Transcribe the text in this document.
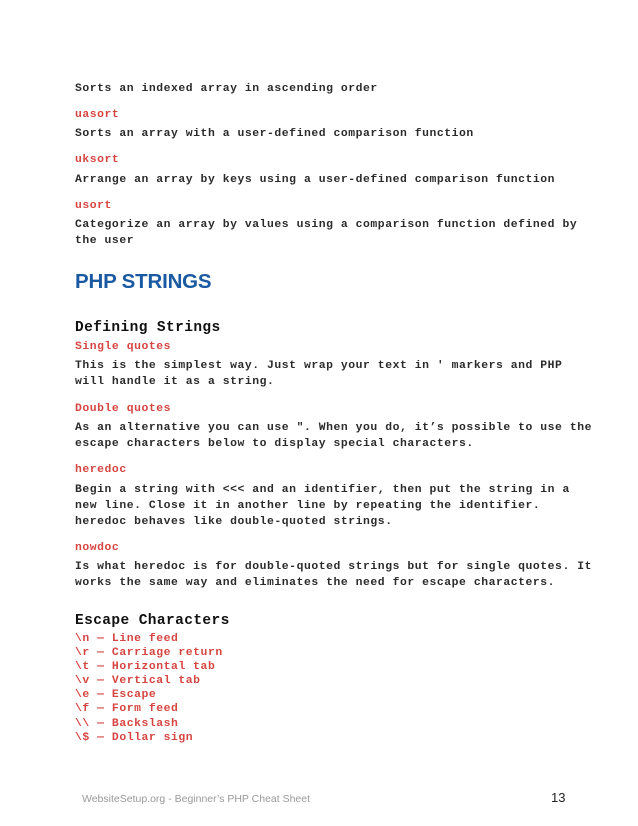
Sorts an indexed array in ascending order
uasort
Sorts an array with a user-defined comparison function
uksort
Arrange an array by keys using a user-defined comparison function
usort
Categorize an array by values using a comparison function defined by
the user
PHP STRINGS
Defining Strings
Single quotes
This is the simplest way. Just wrap your text in ' markers and PHP
will handle it as a string.
Double quotes
As an alternative you can use ". When you do, it’s possible to use the
escape characters below to display special characters.
heredoc
Begin a string with <<< and an identifier, then put the string in a
new line. Close it in another line by repeating the identifier.
heredoc behaves like double-quoted strings.
nowdoc
Is what heredoc is for double-quoted strings but for single quotes. It
works the same way and eliminates the need for escape characters.
Escape Characters
\n — Line feed
\r — Carriage return
\t — Horizontal tab
\v — Vertical tab
\e — Escape
\f — Form feed
\\ — Backslash
\$ — Dollar sign
WebsiteSetup.org - Beginner’s PHP Cheat Sheet	13
